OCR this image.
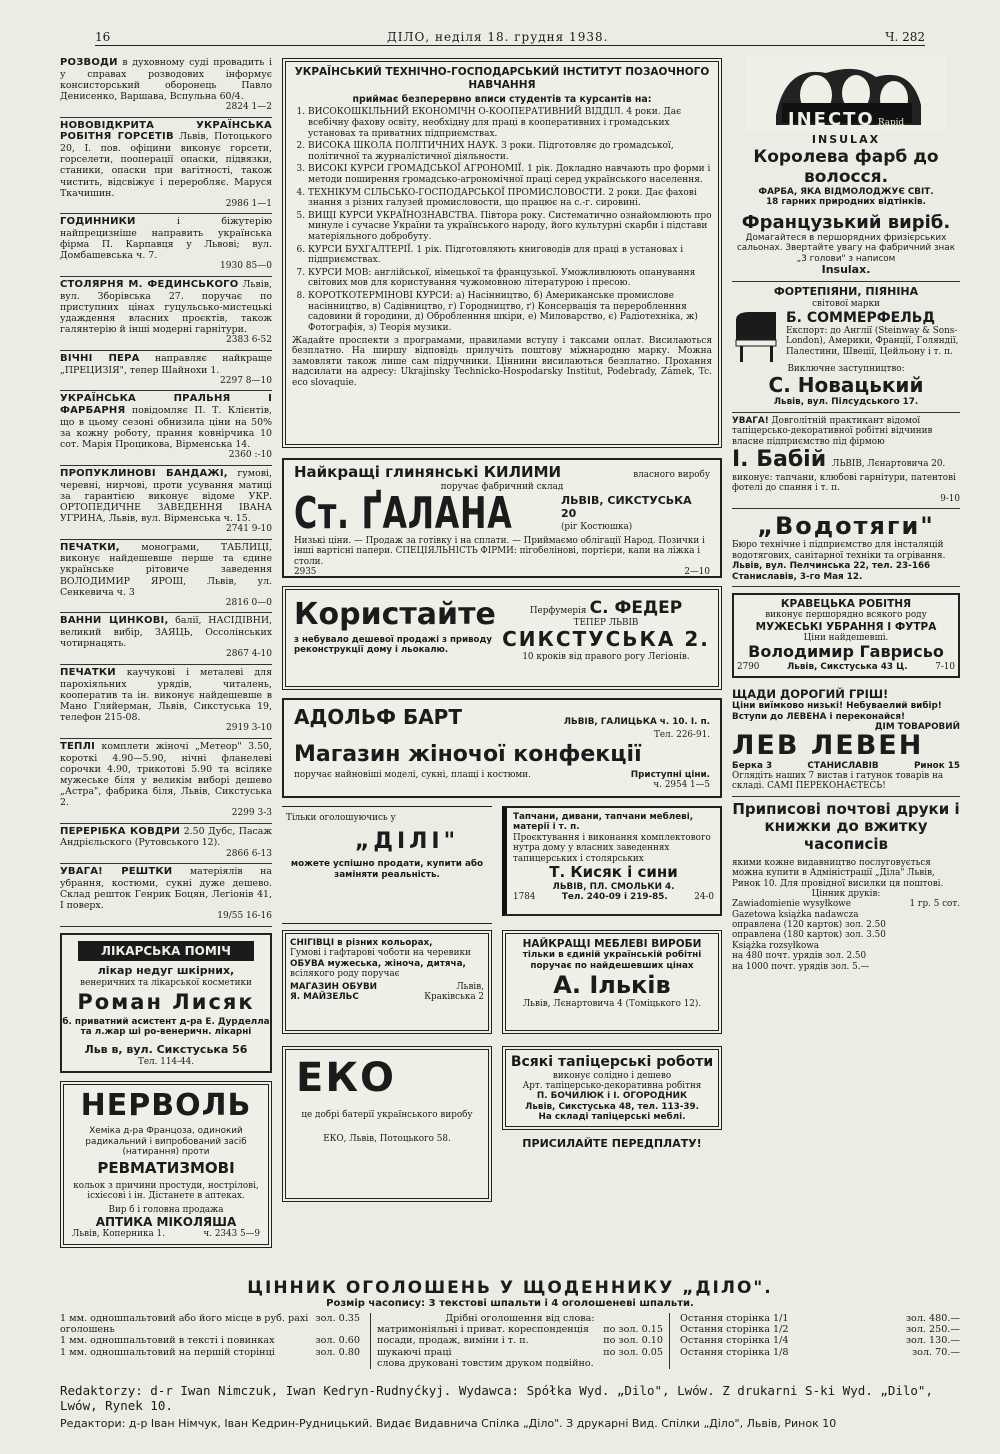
16	ДІЛО, неділя 18. грудня 1938.	Ч. 282
РОЗВОДИ в духовному суді провадить і у справах розводових інформує консисторський оборонець Павло Денисенко, Варшава, Вспульна 60/4.
2824 1—2
НОВОВІДКРИТА УКРАЇНСЬКА РОБІТНЯ ГОРСЕТІВ Львів, Потоцького 20, I. пов. офіцини виконує горсети, горселети, пооперації опаски, підвязки, станики, опаски при вагітності, також чистить, відсвіжує і переробляє. Маруся Ткачишин.
2986 1—1
ГОДИННИКИ і біжутерію найпрецизніше направить українська фірма П. Карпавця у Львові; вул. Домбашевська ч. 7.
1930 85—0
СТОЛЯРНЯ М. ФЕДИНСЬКОГО Львів, вул. Зборівська 27. поручає по приступних цінах гуцульсько-мистецькі удаждення власних проєктів, також галянтерію й інші модерні гарнітури.
2383 6-52
ВІЧНІ ПЕРА направляє найкраще „ПРЕЦИЗІЯ", тепер Шайноxи 1.
2297 8—10
УКРАЇНСЬКА ПРАЛЬНЯ І ФАРБАРНЯ повідомляє П. Т. Клієнтів, що в цьому сезоні обнизила ціни на 50% за кожну роботу, прання ковнірчика 10 сот. Марія Процикова, Вірменська 14.
2360 :-10
ПРОПУКЛИНОВІ БАНДАЖІ, гумові, черевні, нирчові, проти усування матиці за гарантією виконує відоме УКР. ОРТОПЕДИЧНЕ ЗАВЕДЕННЯ ІВАНА УГРИНА, Львів, вул. Вірменська ч. 15.
2741 9-10
ПЕЧАТКИ, монограми, ТАБЛИЦІ, виконує найдешевше перше та єдине українське рітовиче заведення ВОЛОДИМИР ЯРОШ, Львів, ул. Сенкевича ч. 3
2816 0—0
ВАННИ ЦИНКОВІ, балії, НАСІДІВНИ, великий вибір, ЗАЯЦЬ, Оссолінських чотирнацять.
2867 4-10
ПЕЧАТКИ каучукові і металеві для парохіяльних урядів, читалень, кооператив та ін. виконує найдешевше в Мано Гляйерман, Львів, Сикстуська 19, телефон 215-08.
2919 3-10
ТЕПЛІ комплети жіночі „Метеор" 3.50, короткі 4.90—5.90, нічні фланелеві сорочки 4.90, трикотові 5.90 та всілякe мужеськe біля у великім виборі дешево „Астра", фабрика біля, Львів, Сикстуська 2.
2299 3-3
ПЕРЕРІБКА КОВДРИ 2.50 Дубс, Пасаж Андрієльского (Рутовського 12).
2866 6-13
УВАГА! РЕШТКИ матеріялів на убрання, костюми, сукні дуже дешево. Склад решток Генрик Боцян, Легіонів 41, I поверх.
19/55 16-16
ЛІКАРСЬКА ПОМІЧ
лікар недуг шкірних,
венеричних та лікарської косметики
Роман Лисяк
б. приватний асистент д-ра Е. Дурделла та л.жар ші ро-венеричн. лікарні
Льв в, вул. Сикстуська 56
Тел. 114-44.
НЕРВОЛЬ
Хеміка д-ра Францоза, одинокий радикальний і випробований засіб (натирання) проти
РЕВМАТИЗМОВІ
кольок з причини простуди, нострілові, ісхієсові і ін. Дістанете в аптеках.
Вир б і головна продажа
АПТИКА МІКОЛЯША
Львів, Коперника 1.	ч. 2343 5—9
УКРАЇНСЬКИЙ ТЕХНІЧНО-ГОСПОДАРСЬКИЙ ІНСТИТУТ ПОЗАОЧНОГО НАВЧАННЯ
приймає безперервно вписи студентів та курсантів на:
1. ВИСОКОШКІЛЬНИЙ ЕКОНОМІЧН О-КООПЕРАТИВНИЙ ВІДДІЛ. 4 роки. Дає всебічну фахову освіту, необхідну для праці в кооперативних і громадських установах та приватних підприємствах.
2. ВИСОКА ШКОЛА ПОЛІТИЧНИХ НАУК. 3 роки. Підготовляє до громадської, політичної та журналістичної діяльности.
3. ВИСОКІ КУРСИ ГРОМАДСЬКОЇ АГРОНОМІЇ. 1 рік. Докладно навчають про форми і методи поширення громадсько-агрономічної праці серед українського населення.
4. ТЕХНІКУМ СІЛЬСЬКО-ГОСПОДАРСЬКОЇ ПРОМИСЛОВОСТИ. 2 роки. Дає фахові знання з різних галузей промисловости, що працює на с.-г. сировині.
5. ВИЩІ КУРСИ УКРАЇНОЗНАВСТВА. Півтора року. Систематично ознайомлюють про минуле і сучасне України та українського народу, його культурні скарби і підстави матеріяльного добробуту.
6. КУРСИ БУХГАЛТЕРІЇ. 1 рік. Підготовляють книговодів для праці в установах і підприємствах.
7. КУРСИ МОВ: англійської, німецької та французької. Уможливлюють опанування світових мов для користування чужомовною літературою і пресою.
8. КОРОТКОТЕРМІНОВІ КУРСИ: а) Насінництво, б) Американське промислове насінництво, в) Садівництво, г) Городництво, ґ) Консервація та переробленння садовини й городини, д) Обробленння шкіри, е) Миловарство, є) Радіотехніка, ж) Фотографія, з) Теорія музики.

Жадайте проспекти з програмами, правилами вступу і таксами оплат. Висилаються безплатно. На ширшу відповідь прилучіть поштову міжнародню марку. Можна замовляти також лише сам підручники. Ціннини висилаються безплатно. Прохання надсилати на адресу: Ukrajinsky Technicko-Hospodarsky Institut, Podebrady, Zámek, Tc. eco slovaquie.

Найкращі глинянські КИЛИМИ	власного виробу
поручає фабричний склад
Ст. ҐАЛАНА	ЛЬВІВ, СИКСТУСЬКА 20
(ріг Костюшка)
Низькі ціни. — Продаж за готівку і на сплати. — Приймаємо облігації Народ. Позички і інші вартісні папери. СПЕЦІЯЛЬНІСТЬ ФІРМИ: пігобелінові, портієри, капи на ліжка і столи.
2935	2—10
Користайте
з небувало дешевої продажі з приводу реконструкції дому і льокалю.
Перфумерія С. ФЕДЕР
ТЕПЕР ЛЬВІВ
СИКСТУСЬКА 2.
10 кроків від правого рогу Легіонів.
АДОЛЬФ БАРТ	ЛЬВІВ, ГАЛИЦЬКА ч. 10. І. п.
Тел. 226-91.
Магазин жіночої конфекції
поручає найновіші моделі, сукні, плащі і костюми.	Приступні ціни.
ч. 2954 1—5
Тільки оголошуючись у
„ДІЛІ"
можете успішно продати, купити або заміняти реальність.
Тапчани, дивани, тапчани меблеві, матерії і т. п.
Проєктування і виконання комплектового нутра дому у власних заведеннях тапицерських і столярських
Т. Кисяк і сини
ЛЬВІВ, ПЛ. СМОЛЬКИ 4.
1784	Тел. 240-09 і 219-85.	24-0
СНІГІВЦІ в різних кольорах,
Гумові і гафтарові чоботи на черевики
ОБУВА мужеська, жіноча, дитяча,
всілякого роду поручає
МАГАЗИН ОБУВИ	Львів,
Я. МАЙЗЕЛЬС	Краківська 2
НАЙКРАЩІ МЕБЛЕВІ ВИРОБИ
тільки в єдиній українській робітні поручає по найдешевших цінах
А. Ільків
Львів, Лєнартовича 4 (Томіцького 12).
ЕКО
це добрі батерії українського виробу
ЕКО, Львів, Потоцького 58.
Всякі тапіцерські роботи
виконує солідно і дешево
Арт. тапіцерсько-декоративна робітня
П. БОЧИЛЮК і І. ОГОРОДНИК
Львів, Сикстуська 48, тел. 113-39.
На складі тапіцерські меблі.
ПРИСИЛАЙТЕ ПЕРЕДПЛАТУ!
INECTO Rapid
INSULAX
Королева фарб до волосся.
ФАРБА, ЯКА ВІДМОЛОДЖУЄ СВІТ.
18 гарних природних відтінків.
Французький виріб.
Домагайтеся в першорядних фризієрських сальонах. Звертайте увагу на фабричний знак „3 голови" з написом
Insulax.
ФОРТЕПІЯНИ, ПІЯНІНА
світової марки
Б. СОММЕРФЕЛЬД
Експорт: до Англії (Steinway & Sons-London), Америки, Франції, Голяндії, Палестини, Швеції, Цейльону і т. п.
Виключне заступництво:
С. Новацький
Львів, вул. Пілсудського 17.
УВАГА! Довголітній практикант відомої тапіцерсько-декоративної робітні відчинив власне підприємство під фірмою
І. Бабій ЛЬВІВ, Лєнартовича 20.
виконує: тапчани, клюбові гарнітури, патентові фотелі до спання і т. п.
9-10
„Водотяги"
Бюро технічне і підприємство для інсталяцій водотягових, санітарної техніки та огрівання.
Львів, вул. Пелчинська 22, тел. 23-166
Станиславів, 3-го Мая 12.
КРАВЕЦЬКА РОБІТНЯ
виконує першорядно всякого роду
МУЖЕСЬКІ УБРАННЯ І ФУТРА
Ціни найдешевші.
Володимир Гаврисьо
2790	Львів, Сикстуська 43 Ц.	7-10
ЩАДИ ДОРОГИЙ ГРІШ!
Ціни виїмково низькі! Небуваелий вибір!
Вступи до ЛЕВЕНА і переконайся!
ДІМ ТОВАРОВИЙ
ЛЕВ ЛЕВЕН
Берка 3	СТАНИСЛАВІВ	Ринок 15
Оглядіть наших 7 вистав і гатунок товарів на складі. САМІ ПЕРЕКОНАЄТЕСЬ!
Приписові почтові друки і книжки до вжитку часописів
якими кожне видавництво послуговується можна купити в Адміністрації „Діла" Львів, Ринок 10. Для провідної висилки ця поштові.
Цінник друків:
Zawiadomienie wysyłkowe	1 гр. 5 сот.
Gazetowa książka nadawcza
оправлена (120 карток) зол. 2.50
оправлена (180 карток) зол. 3.50
Książka rozsyłkowa
на 480 почт. урядів зол. 2.50
на 1000 почт. урядів зол. 5.—
ЦІННИК ОГОЛОШЕНЬ У ЩОДЕННИКУ „ДІЛО".
Розмір часопису: 3 текстові шпальти і 4 оголошеневі шпальти.
1 мм. одношпальтовий або його місце в руб. рахі оголошень
зол. 0.35
1 мм. одношпальтовий в тексті і повинках	зол. 0.60
1 мм. одношпальтовий на першій сторінці	зол. 0.80
Дрібні оголошення від слова:
матримоніяльні і приват. кореспонденція по зол. 0.15
посади, продаж, виміни і т. п.	по зол. 0.10
шукаючі праці	по зол. 0.05
слова друковані товстим друком подвійно.
Остання сторінка 1/1	зол. 480.—
Остання сторінка 1/2	зол. 250.—
Остання сторінка 1/4	зол. 130.—
Остання сторінка 1/8	зол. 70.—
Redaktorzy: d-r Iwan Nimczuk, Iwan Kedryn-Rudnyćkyj. Wydawca: Spółka Wyd. „Dilo", Lwów. Z drukarni S-ki Wyd. „Dilo", Lwów, Rynek 10.
Редактори: д-р Іван Німчук, Іван Кедрин-Рудницький. Видає Видавнича Спілка „Діло". З друкарні Вид. Спілки „Діло", Львів, Ринок 10
